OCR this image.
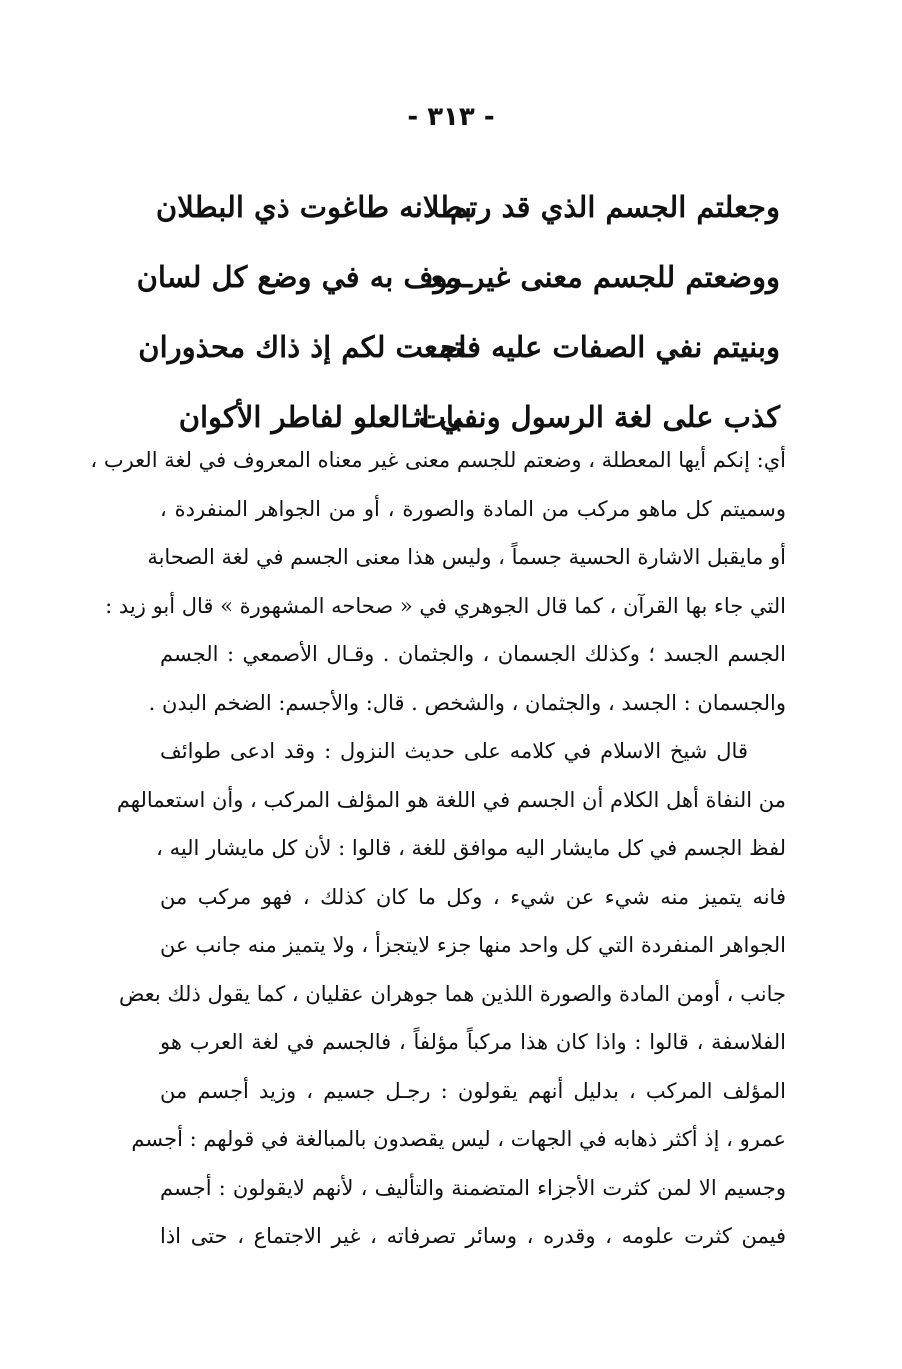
- ٣١٣ -
وجعلتم الجسم الذي قد رتم
بطلانه طاغوت ذي البطلان
ووضعتم للجسم معنى غير معـ
ـروف به في وضع كل لسان
وبنيتم نفي الصفات عليه فاجـ
ـتمعت لكم إذ ذاك محذوران
كذب على لغة الرسول ونفي اثـ
ـبات العلو لفاطر الأكوان
أي: إنكم أيها المعطلة ، وضعتم للجسم معنى غير معناه المعروف في لغة العرب ،
وسميتم كل ماهو مركب من المادة والصورة ، أو من الجواهر المنفردة ،
أو مايقبل الاشارة الحسية جسماً ، وليس هذا معنى الجسم في لغة الصحابة
التي جاء بها القرآن ، كما قال الجوهري في « صحاحه المشهورة » قال أبو زيد :
الجسم الجسد ؛ وكذلك الجسمان ، والجثمان . وقـال الأصمعي : الجسم
والجسمان : الجسد ، والجثمان ، والشخص . قال: والأجسم: الضخم البدن .
قال شيخ الاسلام في كلامه على حديث النزول : وقد ادعى طوائف
من النفاة أهل الكلام أن الجسم في اللغة هو المؤلف المركب ، وأن استعمالهم
لفظ الجسم في كل مايشار اليه موافق للغة ، قالوا : لأن كل مايشار اليه ،
فانه يتميز منه شيء عن شيء ، وكل ما كان كذلك ، فهو مركب من
الجواهر المنفردة التي كل واحد منها جزء لايتجزأ ، ولا يتميز منه جانب عن
جانب ، أومن المادة والصورة اللذين هما جوهران عقليان ، كما يقول ذلك بعض
الفلاسفة ، قالوا : واذا كان هذا مركباً مؤلفاً ، فالجسم في لغة العرب هو
المؤلف المركب ، بدليل أنهم يقولون : رجـل جسيم ، وزيد أجسم من
عمرو ، إذ أكثر ذهابه في الجهات ، ليس يقصدون بالمبالغة في قولهم : أجسم
وجسيم الا لمن كثرت الأجزاء المتضمنة والتأليف ، لأنهم لايقولون : أجسم
فيمن كثرت علومه ، وقدره ، وسائر تصرفاته ، غير الاجتماع ، حتى اذا
